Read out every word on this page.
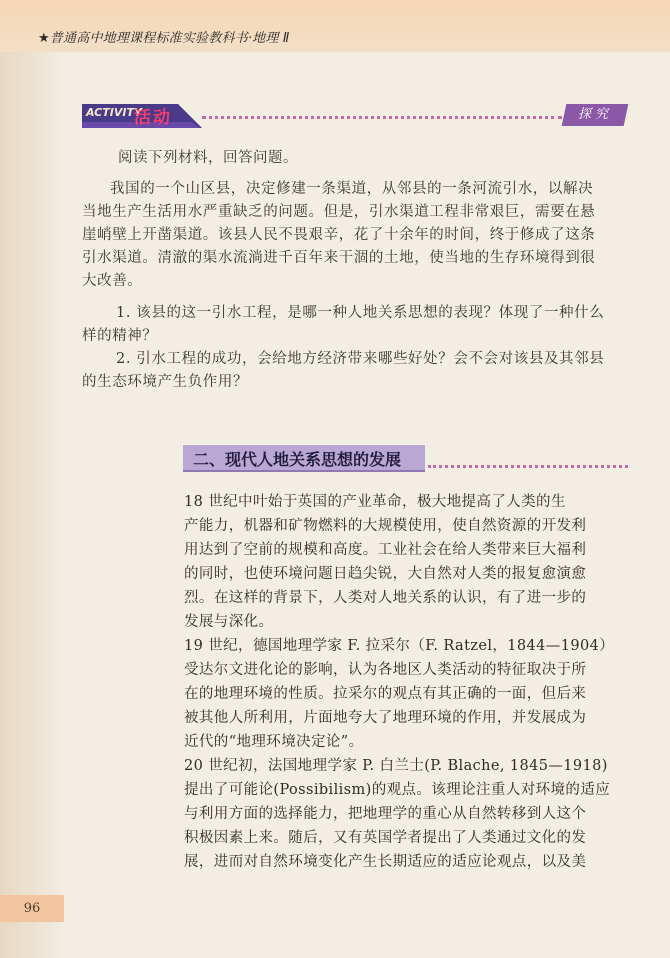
★普通高中地理课程标准实验教科书·地理 Ⅱ
ACTIVITY
活动	探究
阅读下列材料，回答问题。
我国的一个山区县，决定修建一条渠道，从邻县的一条河流引水，以解决
当地生产生活用水严重缺乏的问题。但是，引水渠道工程非常艰巨，需要在悬
崖峭壁上开凿渠道。该县人民不畏艰辛，花了十余年的时间，终于修成了这条
引水渠道。清澈的渠水流淌进千百年来干涸的土地，使当地的生存环境得到很
大改善。
1. 该县的这一引水工程，是哪一种人地关系思想的表现？体现了一种什么
样的精神？
2. 引水工程的成功，会给地方经济带来哪些好处？会不会对该县及其邻县
的生态环境产生负作用？
二、现代人地关系思想的发展
18 世纪中叶始于英国的产业革命，极大地提高了人类的生
产能力，机器和矿物燃料的大规模使用，使自然资源的开发利
用达到了空前的规模和高度。工业社会在给人类带来巨大福利
的同时，也使环境问题日趋尖锐，大自然对人类的报复愈演愈
烈。在这样的背景下，人类对人地关系的认识，有了进一步的
发展与深化。
19 世纪，德国地理学家 F. 拉采尔（F. Ratzel，1844—1904）
受达尔文进化论的影响，认为各地区人类活动的特征取决于所
在的地理环境的性质。拉采尔的观点有其正确的一面，但后来
被其他人所利用，片面地夸大了地理环境的作用，并发展成为
近代的“地理环境决定论”。
20 世纪初，法国地理学家 P. 白兰士(P. Blache, 1845—1918)
提出了可能论(Possibilism)的观点。该理论注重人对环境的适应
与利用方面的选择能力，把地理学的重心从自然转移到人这个
积极因素上来。随后，又有英国学者提出了人类通过文化的发
展，进而对自然环境变化产生长期适应的适应论观点，以及美
96
